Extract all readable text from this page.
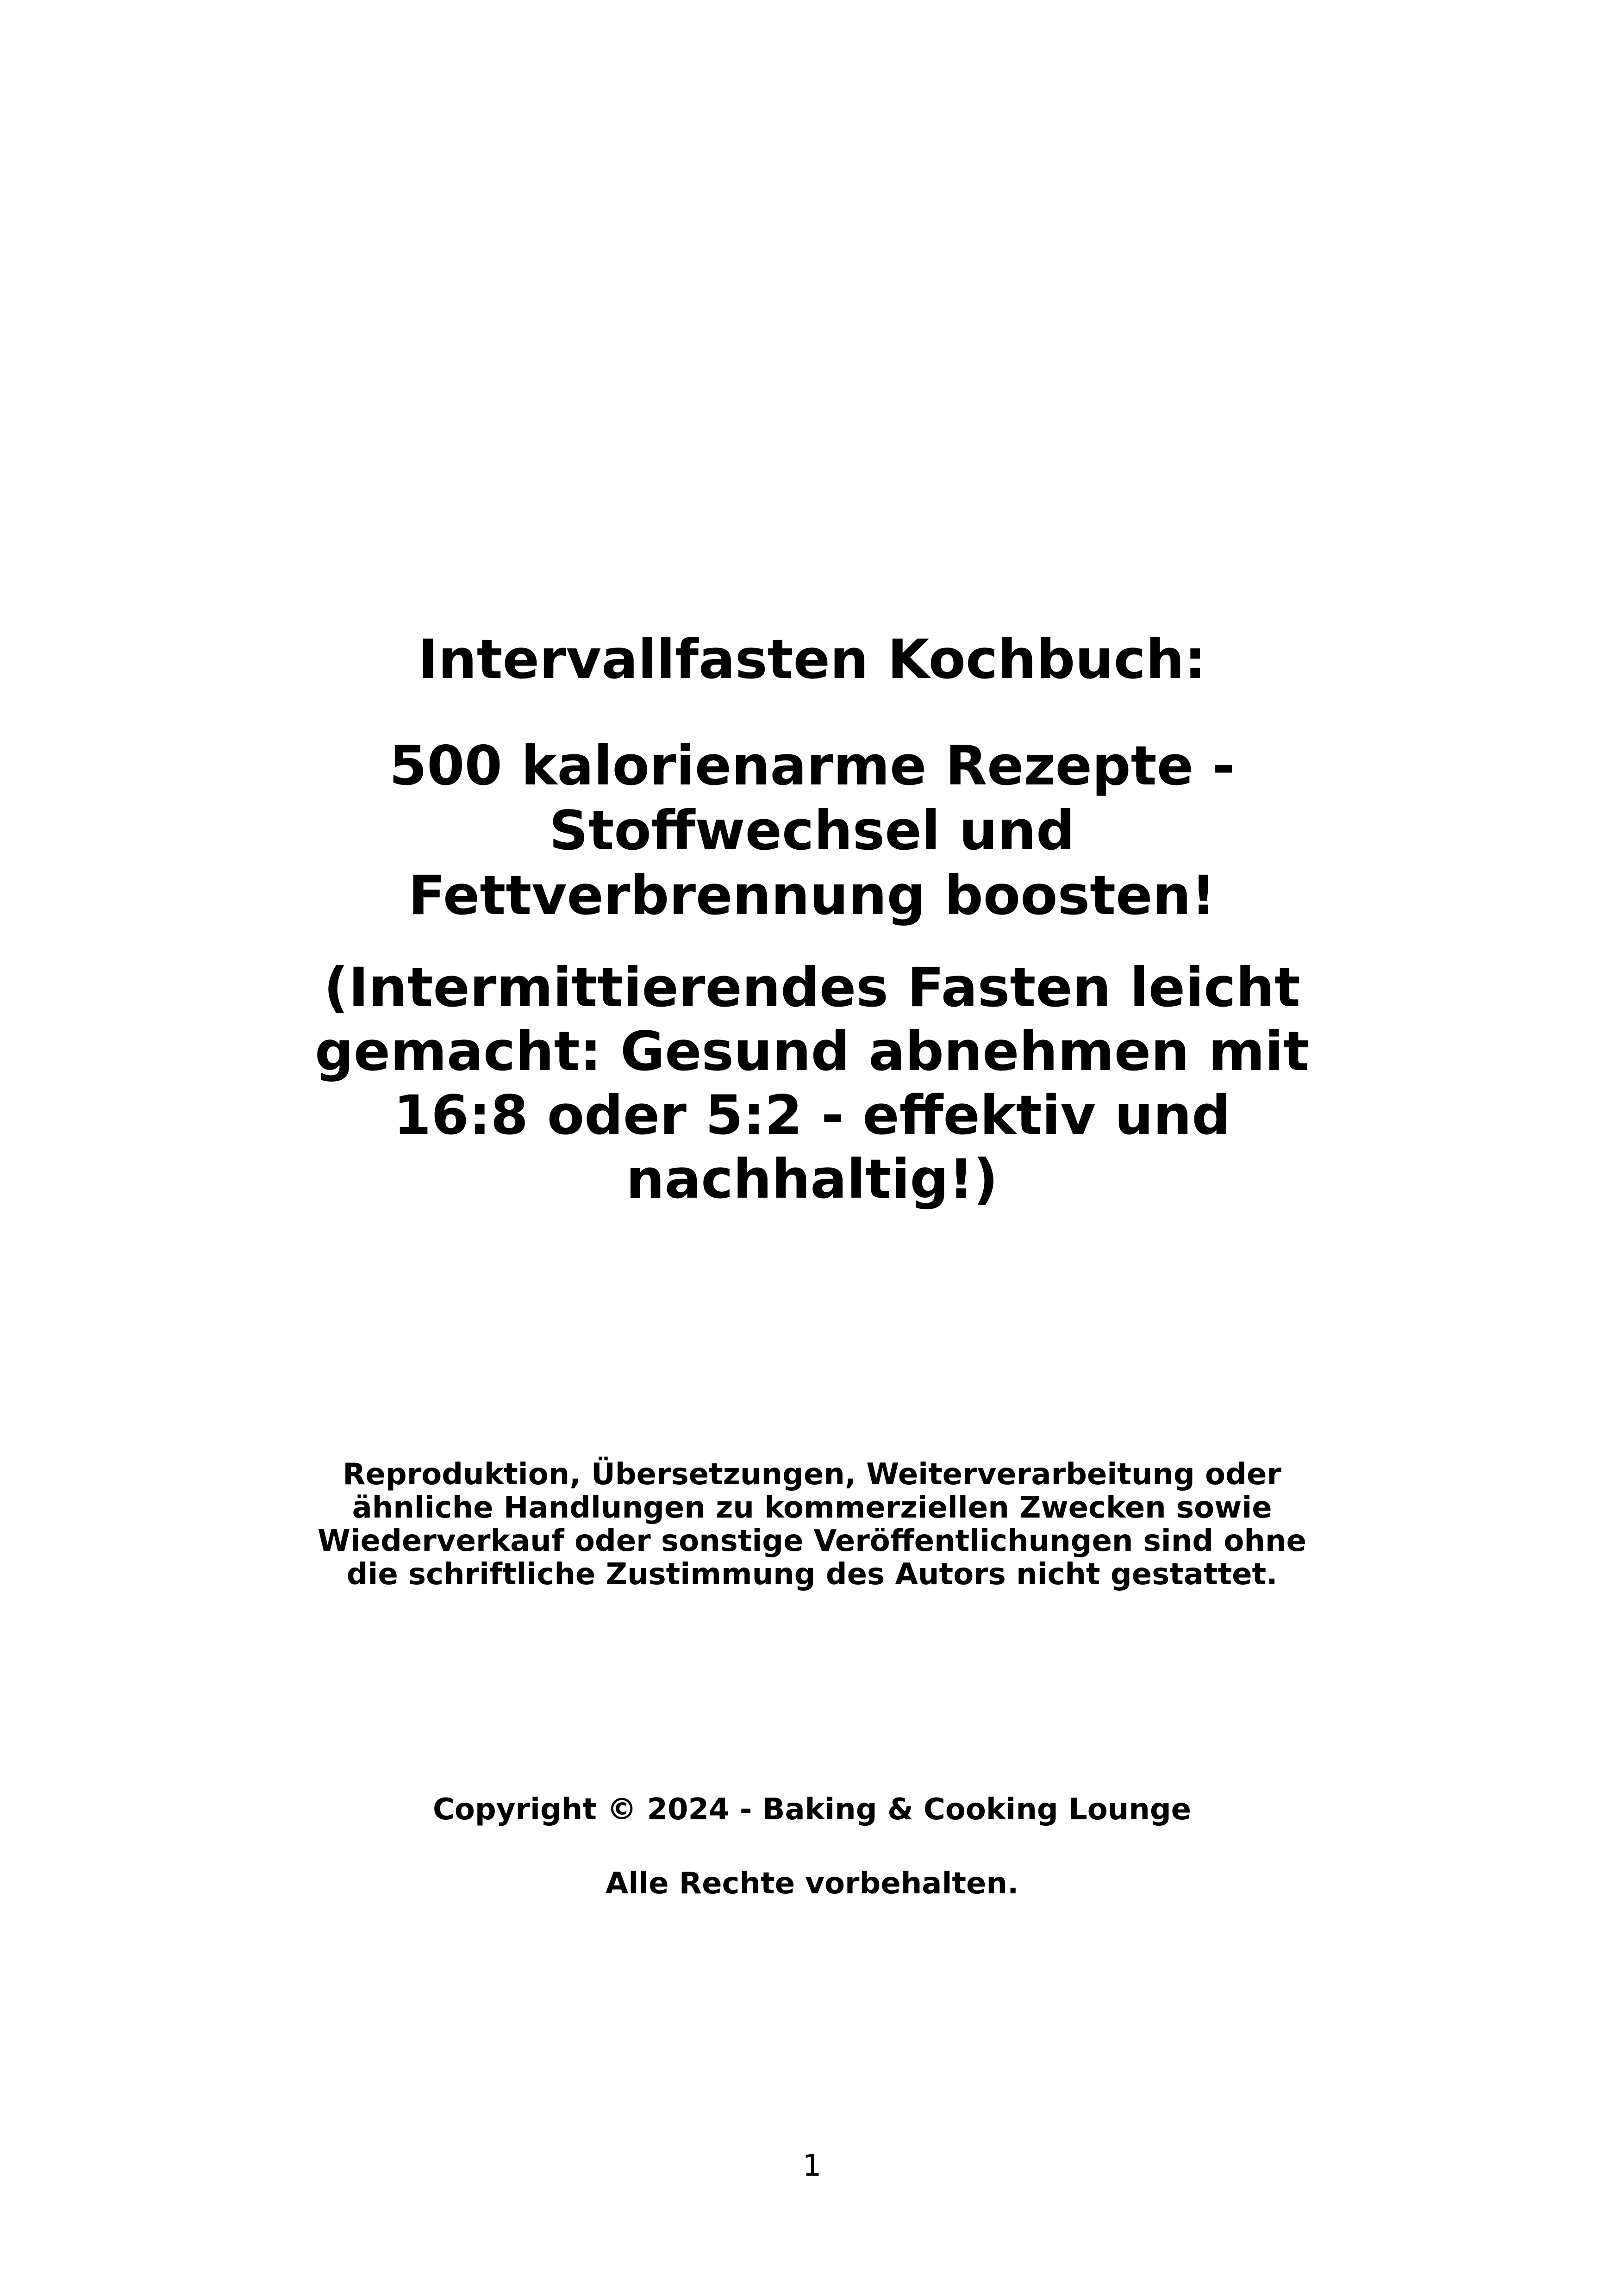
Intervallfasten Kochbuch:
500 kalorienarme Rezepte -
Stoffwechsel und
Fettverbrennung boosten!
(Intermittierendes Fasten leicht
gemacht: Gesund abnehmen mit
16:8 oder 5:2 - effektiv und
nachhaltig!)
Reproduktion, Übersetzungen, Weiterverarbeitung oder
ähnliche Handlungen zu kommerziellen Zwecken sowie
Wiederverkauf oder sonstige Veröffentlichungen sind ohne
die schriftliche Zustimmung des Autors nicht gestattet.
Copyright © 2024 - Baking & Cooking Lounge
Alle Rechte vorbehalten.
1
